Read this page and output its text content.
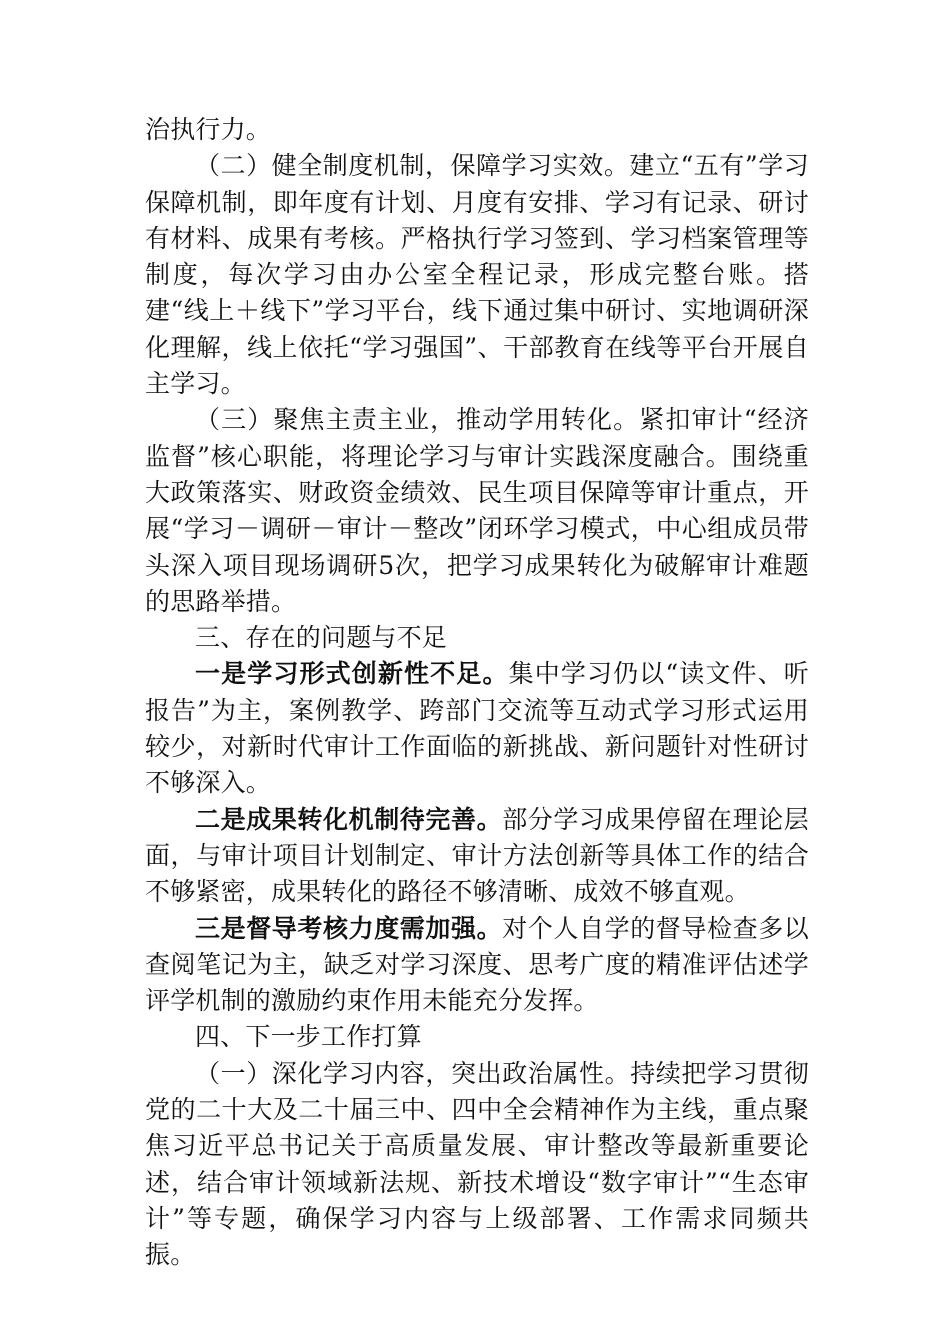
治执行力。

（二）健全制度机制，保障学习实效。建立“五有”学习保障机制，即年度有计划、月度有安排、学习有记录、研讨有材料、成果有考核。严格执行学习签到、学习档案管理等制度，每次学习由办公室全程记录，形成完整台账。搭建“线上＋线下”学习平台，线下通过集中研讨、实地调研深化理解，线上依托“学习强国”、干部教育在线等平台开展自主学习。

（三）聚焦主责主业，推动学用转化。紧扣审计“经济监督”核心职能，将理论学习与审计实践深度融合。围绕重大政策落实、财政资金绩效、民生项目保障等审计重点，开展“学习－调研－审计－整改”闭环学习模式，中心组成员带头深入项目现场调研5次，把学习成果转化为破解审计难题的思路举措。

三、存在的问题与不足

一是学习形式创新性不足。集中学习仍以“读文件、听报告”为主，案例教学、跨部门交流等互动式学习形式运用较少，对新时代审计工作面临的新挑战、新问题针对性研讨不够深入。

二是成果转化机制待完善。部分学习成果停留在理论层面，与审计项目计划制定、审计方法创新等具体工作的结合不够紧密，成果转化的路径不够清晰、成效不够直观。

三是督导考核力度需加强。对个人自学的督导检查多以查阅笔记为主，缺乏对学习深度、思考广度的精准评估述学评学机制的激励约束作用未能充分发挥。

四、下一步工作打算

（一）深化学习内容，突出政治属性。持续把学习贯彻党的二十大及二十届三中、四中全会精神作为主线，重点聚焦习近平总书记关于高质量发展、审计整改等最新重要论述，结合审计领域新法规、新技术增设“数字审计”“生态审计”等专题，确保学习内容与上级部署、工作需求同频共振。
